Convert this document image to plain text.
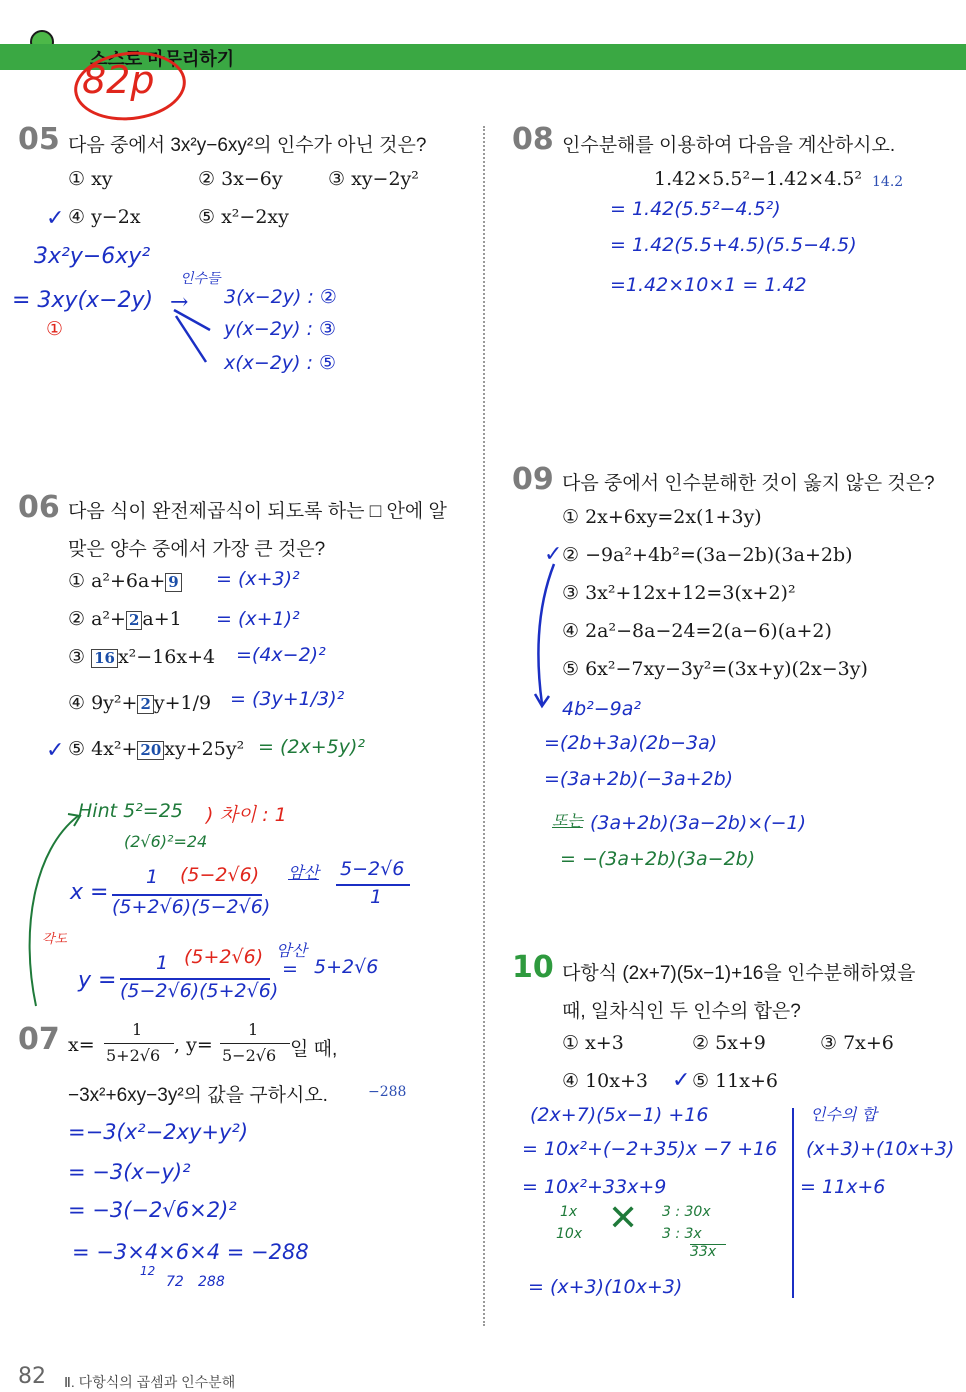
스스로 마무리하기
82p
05 다음 중에서 3x²y−6xy²의 인수가 아닌 것은?
① xy	② 3x−6y ③ xy−2y²
✓ ④ y−2x	⑤ x²−2xy
3x²y−6xy²
= 3xy(x−2y)
인수들
→ 3(x−2y) : ②
y(x−2y) : ③
x(x−2y) : ⑤
①
06 다음 식이 완전제곱식이 되도록 하는 □ 안에 알
맞은 양수 중에서 가장 큰 것은?
① a²+6a+ 9 = (x+3)²
② a²+ 2 a+1 = (x+1)²
③ 16 x²−16x+4 =(4x−2)²
④ 9y²+ 2 y+1/9 = (3y+1/3)²
✓ ⑤ 4x²+ 20 xy+25y² = (2x+5y)²
Hint 5²=25
(2√6)²=24
) 차이 : 1
x =
1 (5−2√6)
(5+2√6)(5−2√6)
암산 5−2√6
1
각도
y =
1 (5+2√6)
(5−2√6)(5+2√6)
암산
= 5+2√6
07 x=
1
5+2√6 , y=
1
5−2√6 일 때,
−3x²+6xy−3y²의 값을 구하시오.	−288
=−3(x²−2xy+y²)
= −3(x−y)²
= −3(−2√6×2)²
= −3×4×6×4 = −288
12
72 288
08 인수분해를 이용하여 다음을 계산하시오.
1.42×5.5²−1.42×4.5² 14.2
= 1.42(5.5²−4.5²)
= 1.42(5.5+4.5)(5.5−4.5)
=1.42×10×1 = 1.42
09 다음 중에서 인수분해한 것이 옳지 않은 것은?
① 2x+6xy=2x(1+3y)
✓ ② −9a²+4b²=(3a−2b)(3a+2b)
③ 3x²+12x+12=3(x+2)²
④ 2a²−8a−24=2(a−6)(a+2)
⑤ 6x²−7xy−3y²=(3x+y)(2x−3y)
4b²−9a²
=(2b+3a)(2b−3a)
=(3a+2b)(−3a+2b)
또는 (3a+2b)(3a−2b)×(−1)
= −(3a+2b)(3a−2b)
10 다항식 (2x+7)(5x−1)+16을 인수분해하였을
때, 일차식인 두 인수의 합은?
① x+3	② 5x+9	③ 7x+6
④ 10x+3 ✓ ⑤ 11x+6
(2x+7)(5x−1) +16
= 10x²+(−2+35)x −7 +16
= 10x²+33x+9
1x
10x ✕ 3 : 30x
3 : 3x
33x
= (x+3)(10x+3)
인수의 합
(x+3)+(10x+3)
= 11x+6
82 Ⅱ. 다항식의 곱셈과 인수분해
